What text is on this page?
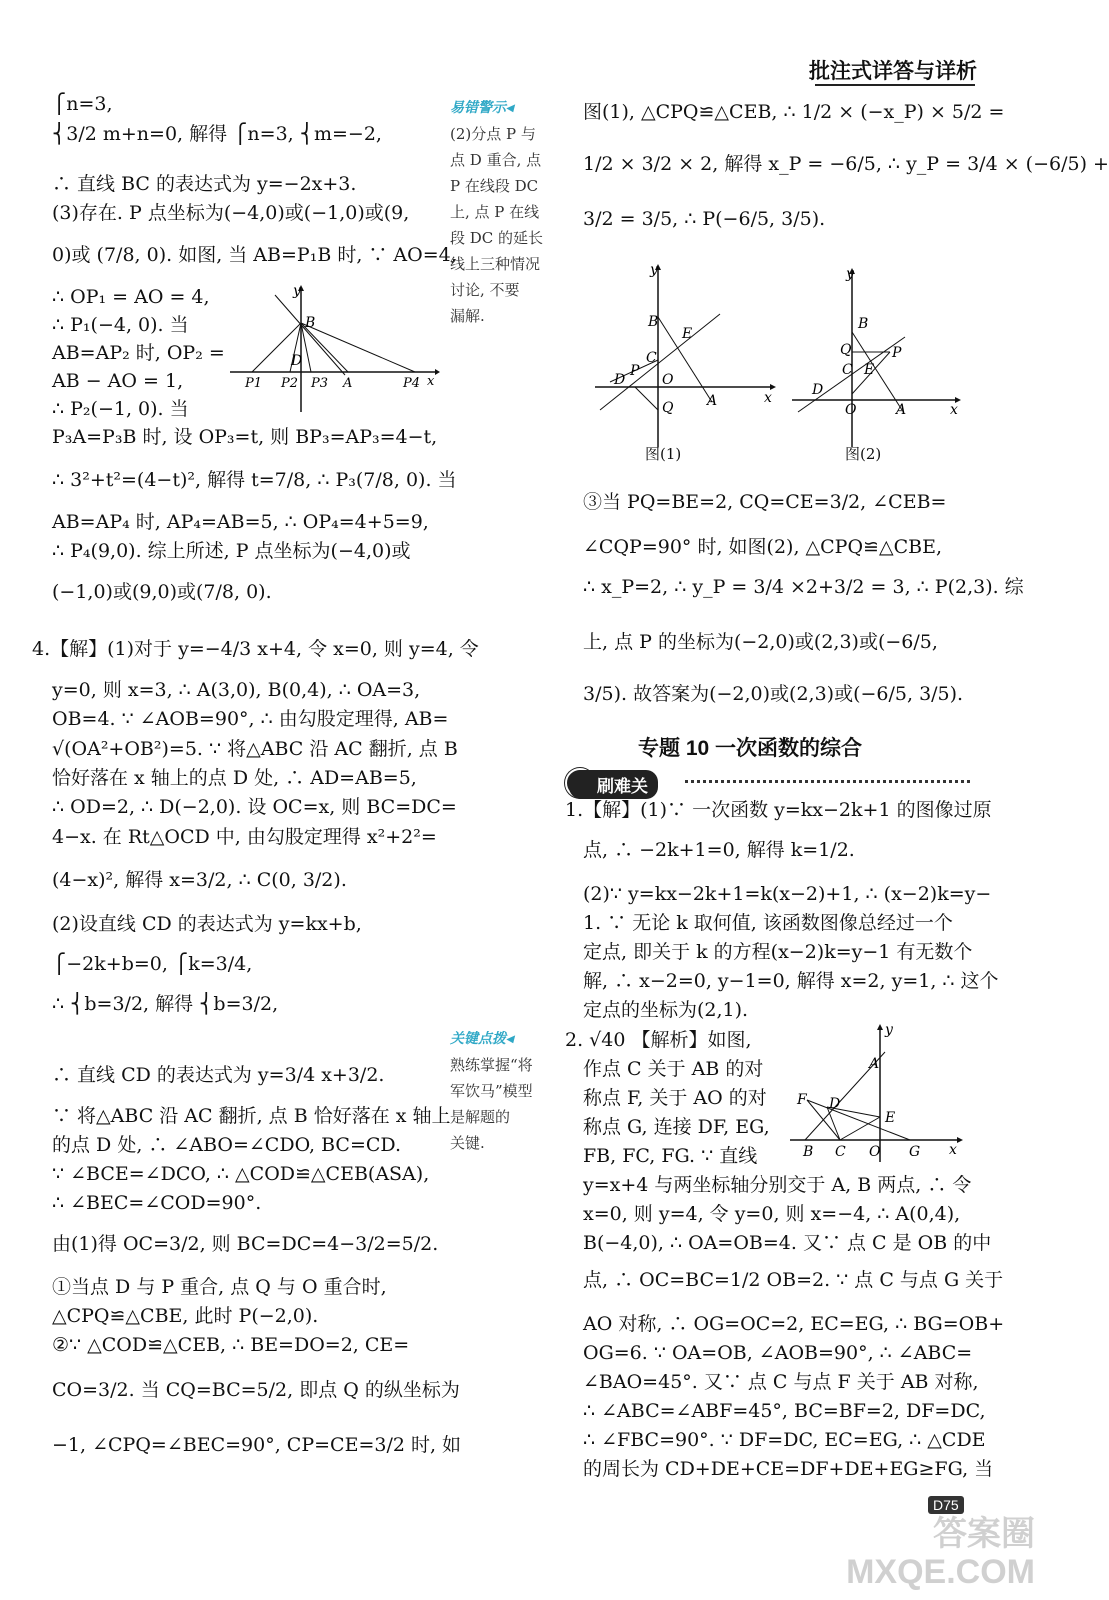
批注式详答与详析
⎧n=3,
⎨3/2 m+n=0, 解得 ⎧n=3, ⎨m=−2,
∴ 直线 BC 的表达式为 y=−2x+3.
(3)存在. P 点坐标为(−4,0)或(−1,0)或(9,
0)或 (7/8, 0). 如图, 当 AB=P₁B 时, ∵ AO=4,
∴ OP₁ = AO = 4,
∴ P₁(−4, 0). 当
AB=AP₂ 时, OP₂ =
AB − AO = 1,
∴ P₂(−1, 0). 当
P₃A=P₃B 时, 设 OP₃=t, 则 BP₃=AP₃=4−t,
∴ 3²+t²=(4−t)², 解得 t=7/8, ∴ P₃(7/8, 0). 当
AB=AP₄ 时, AP₄=AB=5, ∴ OP₄=4+5=9,
∴ P₄(9,0). 综上所述, P 点坐标为(−4,0)或
(−1,0)或(9,0)或(7/8, 0).
4.【解】(1)对于 y=−4/3 x+4, 令 x=0, 则 y=4, 令
y=0, 则 x=3, ∴ A(3,0), B(0,4), ∴ OA=3,
OB=4. ∵ ∠AOB=90°, ∴ 由勾股定理得, AB=
√(OA²+OB²)=5. ∵ 将△ABC 沿 AC 翻折, 点 B
恰好落在 x 轴上的点 D 处, ∴ AD=AB=5,
∴ OD=2, ∴ D(−2,0). 设 OC=x, 则 BC=DC=
4−x. 在 Rt△OCD 中, 由勾股定理得 x²+2²=
(4−x)², 解得 x=3/2, ∴ C(0, 3/2).
(2)设直线 CD 的表达式为 y=kx+b,
⎧−2k+b=0, ⎧k=3/4,
∴ ⎨b=3/2, 解得 ⎨b=3/2,
∴ 直线 CD 的表达式为 y=3/4 x+3/2.
∵ 将△ABC 沿 AC 翻折, 点 B 恰好落在 x 轴上
的点 D 处, ∴ ∠ABO=∠CDO, BC=CD.
∵ ∠BCE=∠DCO, ∴ △COD≌△CEB(ASA),
∴ ∠BEC=∠COD=90°.
由(1)得 OC=3/2, 则 BC=DC=4−3/2=5/2.
①当点 D 与 P 重合, 点 Q 与 O 重合时,
△CPQ≌△CBE, 此时 P(−2,0).
②∵ △COD≌△CEB, ∴ BE=DO=2, CE=
CO=3/2. 当 CQ=BC=5/2, 即点 Q 的纵坐标为
−1, ∠CPQ=∠BEC=90°, CP=CE=3/2 时, 如
y
B
D
P1 P2 P3 A	P4 x
易错警示◂
(2)分点 P 与
点 D 重合, 点
P 在线段 DC
上, 点 P 在线
段 DC 的延长
线上三种情况
讨论, 不要
漏解.
关键点拨◂
熟练掌握“将
军饮马”模型
是解题的
关键.
图(1), △CPQ≌△CEB, ∴ 1/2 × (−x_P) × 5/2 =
1/2 × 3/2 × 2, 解得 x_P = −6/5, ∴ y_P = 3/4 × (−6/5) +
3/2 = 3/5, ∴ P(−6/5, 3/5).
③当 PQ=BE=2, CQ=CE=3/2, ∠CEB=
∠CQP=90° 时, 如图(2), △CPQ≌△CBE,
∴ x_P=2, ∴ y_P = 3/4 ×2+3/2 = 3, ∴ P(2,3). 综
上, 点 P 的坐标为(−2,0)或(2,3)或(−6/5,
3/5). 故答案为(−2,0)或(2,3)或(−6/5, 3/5).
1.【解】(1)∵ 一次函数 y=kx−2k+1 的图像过原
点, ∴ −2k+1=0, 解得 k=1/2.
(2)∵ y=kx−2k+1=k(x−2)+1, ∴ (x−2)k=y−
1. ∵ 无论 k 取何值, 该函数图像总经过一个
定点, 即关于 k 的方程(x−2)k=y−1 有无数个
解, ∴ x−2=0, y−1=0, 解得 x=2, y=1, ∴ 这个
定点的坐标为(2,1).
2. √40 【解析】如图,
作点 C 关于 AB 的对
称点 F, 关于 AO 的对
称点 G, 连接 DF, EG,
FB, FC, FG. ∵ 直线
y=x+4 与两坐标轴分别交于 A, B 两点, ∴ 令
x=0, 则 y=4, 令 y=0, 则 x=−4, ∴ A(0,4),
B(−4,0), ∴ OA=OB=4. 又∵ 点 C 是 OB 的中
点, ∴ OC=BC=1/2 OB=2. ∵ 点 C 与点 G 关于
AO 对称, ∴ OG=OC=2, EC=EG, ∴ BG=OB+
OG=6. ∵ OA=OB, ∠AOB=90°, ∴ ∠ABC=
∠BAO=45°. 又∵ 点 C 与点 F 关于 AB 对称,
∴ ∠ABC=∠ABF=45°, BC=BF=2, DF=DC,
∴ ∠FBC=90°. ∵ DF=DC, EC=EG, ∴ △CDE
的周长为 CD+DE+CE=DF+DE+EG≥FG, 当
y
B
E
C
D
P
O
Q A	x
图(1)
y
B
Q	P
C E
D
O	A	x
图(2)
专题 10 一次函数的综合
刷难关
y
A
F D
E
B C O G x
D75
答案圈 MXQE.COM
